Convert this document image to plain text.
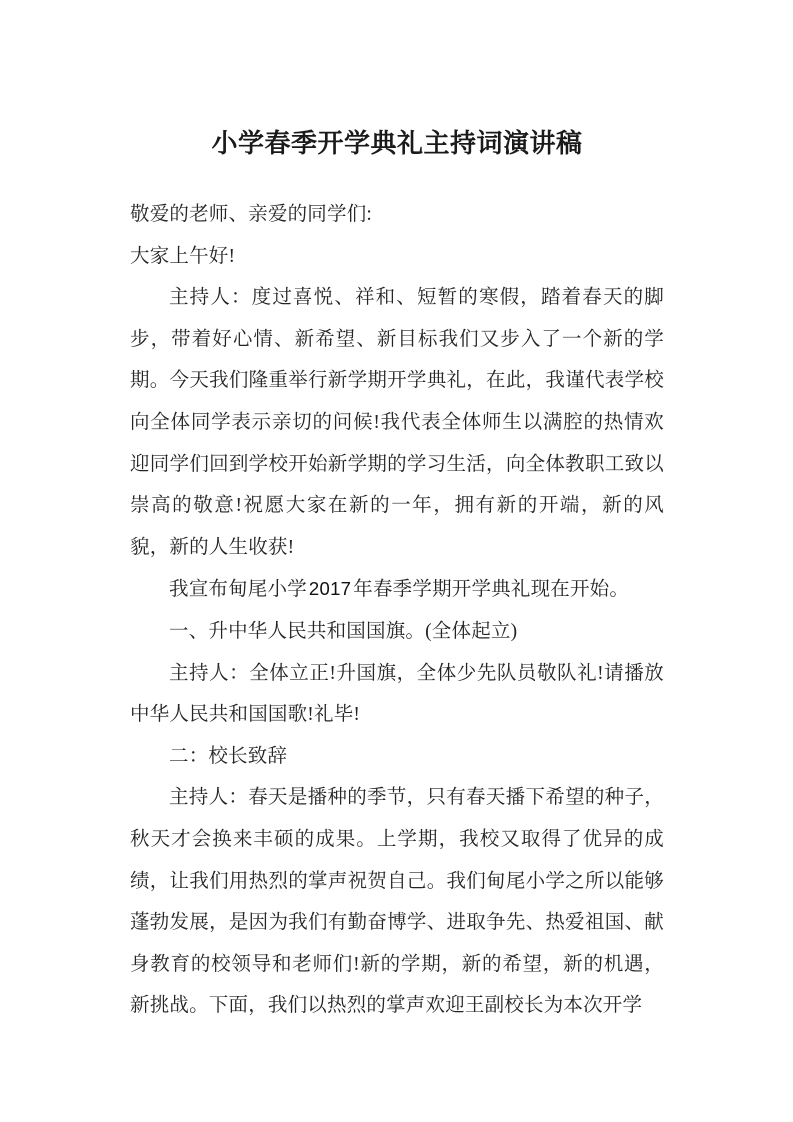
小学春季开学典礼主持词演讲稿

敬爱的老师、亲爱的同学们:

大家上午好!

主持人：度过喜悦、祥和、短暂的寒假，踏着春天的脚步，带着好心情、新希望、新目标我们又步入了一个新的学期。今天我们隆重举行新学期开学典礼，在此，我谨代表学校向全体同学表示亲切的问候!我代表全体师生以满腔的热情欢迎同学们回到学校开始新学期的学习生活，向全体教职工致以崇高的敬意!祝愿大家在新的一年，拥有新的开端，新的风貌，新的人生收获!

我宣布甸尾小学 2017 年春季学期开学典礼现在开始。

一、升中华人民共和国国旗。(全体起立)

主持人：全体立正!升国旗，全体少先队员敬队礼!请播放中华人民共和国国歌!礼毕!

二：校长致辞

主持人：春天是播种的季节，只有春天播下希望的种子，秋天才会换来丰硕的成果。上学期，我校又取得了优异的成绩，让我们用热烈的掌声祝贺自己。我们甸尾小学之所以能够蓬勃发展，是因为我们有勤奋博学、进取争先、热爱祖国、献身教育的校领导和老师们!新的学期，新的希望，新的机遇，新挑战。下面，我们以热烈的掌声欢迎王副校长为本次开学
